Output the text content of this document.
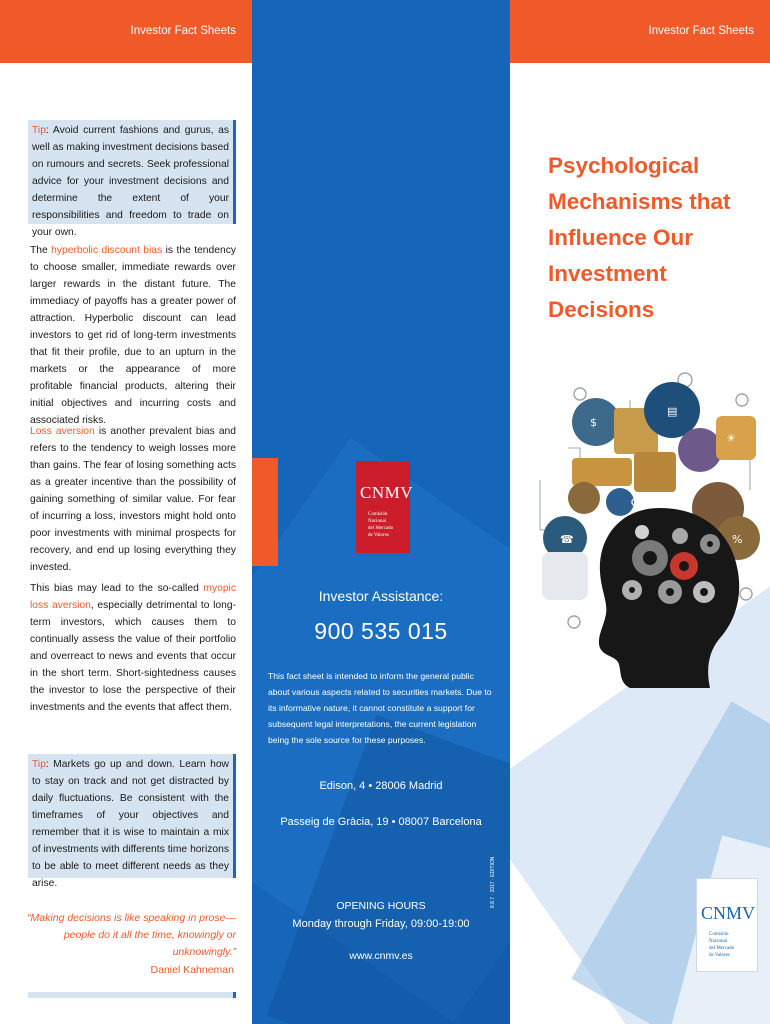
Investor Fact Sheets
Tip: Avoid current fashions and gurus, as well as making investment decisions based on rumours and secrets. Seek professional advice for your investment decisions and determine the extent of your responsibilities and freedom to trade on your own.

The hyperbolic discount bias is the tendency to choose smaller, immediate rewards over larger rewards in the distant future. The immediacy of payoffs has a greater power of attraction. Hyperbolic discount can lead investors to get rid of long-term investments that fit their profile, due to an upturn in the markets or the appearance of more profitable financial products, altering their initial objectives and incurring costs and associated risks.

Loss aversion is another prevalent bias and refers to the tendency to weigh losses more than gains. The fear of losing something acts as a greater incentive than the possibility of gaining something of similar value. For fear of incurring a loss, investors might hold onto poor investments with minimal prospects for recovery, and end up losing everything they invested.

This bias may lead to the so-called myopic loss aversion, especially detrimental to long-term investors, which causes them to continually assess the value of their portfolio and overreact to news and events that occur in the short term. Short-sightedness causes the investor to lose the perspective of their investments and the events that affect them.

Tip: Markets go up and down. Learn how to stay on track and not get distracted by daily fluctuations. Be consistent with the timeframes of your objectives and remember that it is wise to maintain a mix of investments with differents time horizons to be able to meet different needs as they arise.

“Making decisions is like speaking in prose—people do it all the time, knowingly or unknowingly.”

Daniel Kahneman

CNMV
Comisión
Nacional
del Mercado
de Valores
Investor Assistance:
900 535 015

This fact sheet is intended to inform the general public about various aspects related to securities markets. Due to its informative nature, it cannot constitute a support for subsequent legal interpretations, the current legislation being the sole source for these purposes.

Edison, 4 • 28006 Madrid
Passeig de Gràcia, 19 • 08007 Barcelona
OPENING HOURS
Monday through Friday, 09:00-19:00
www.cnmv.es
8.8.7 · 2017 · EDITION
Investor Fact Sheets
Psychological Mechanisms that Influence Our Investment Decisions
$
▤
☀
⚙
☎	%
CNMV
Comisión
Nacional
del Mercado
de Valores
